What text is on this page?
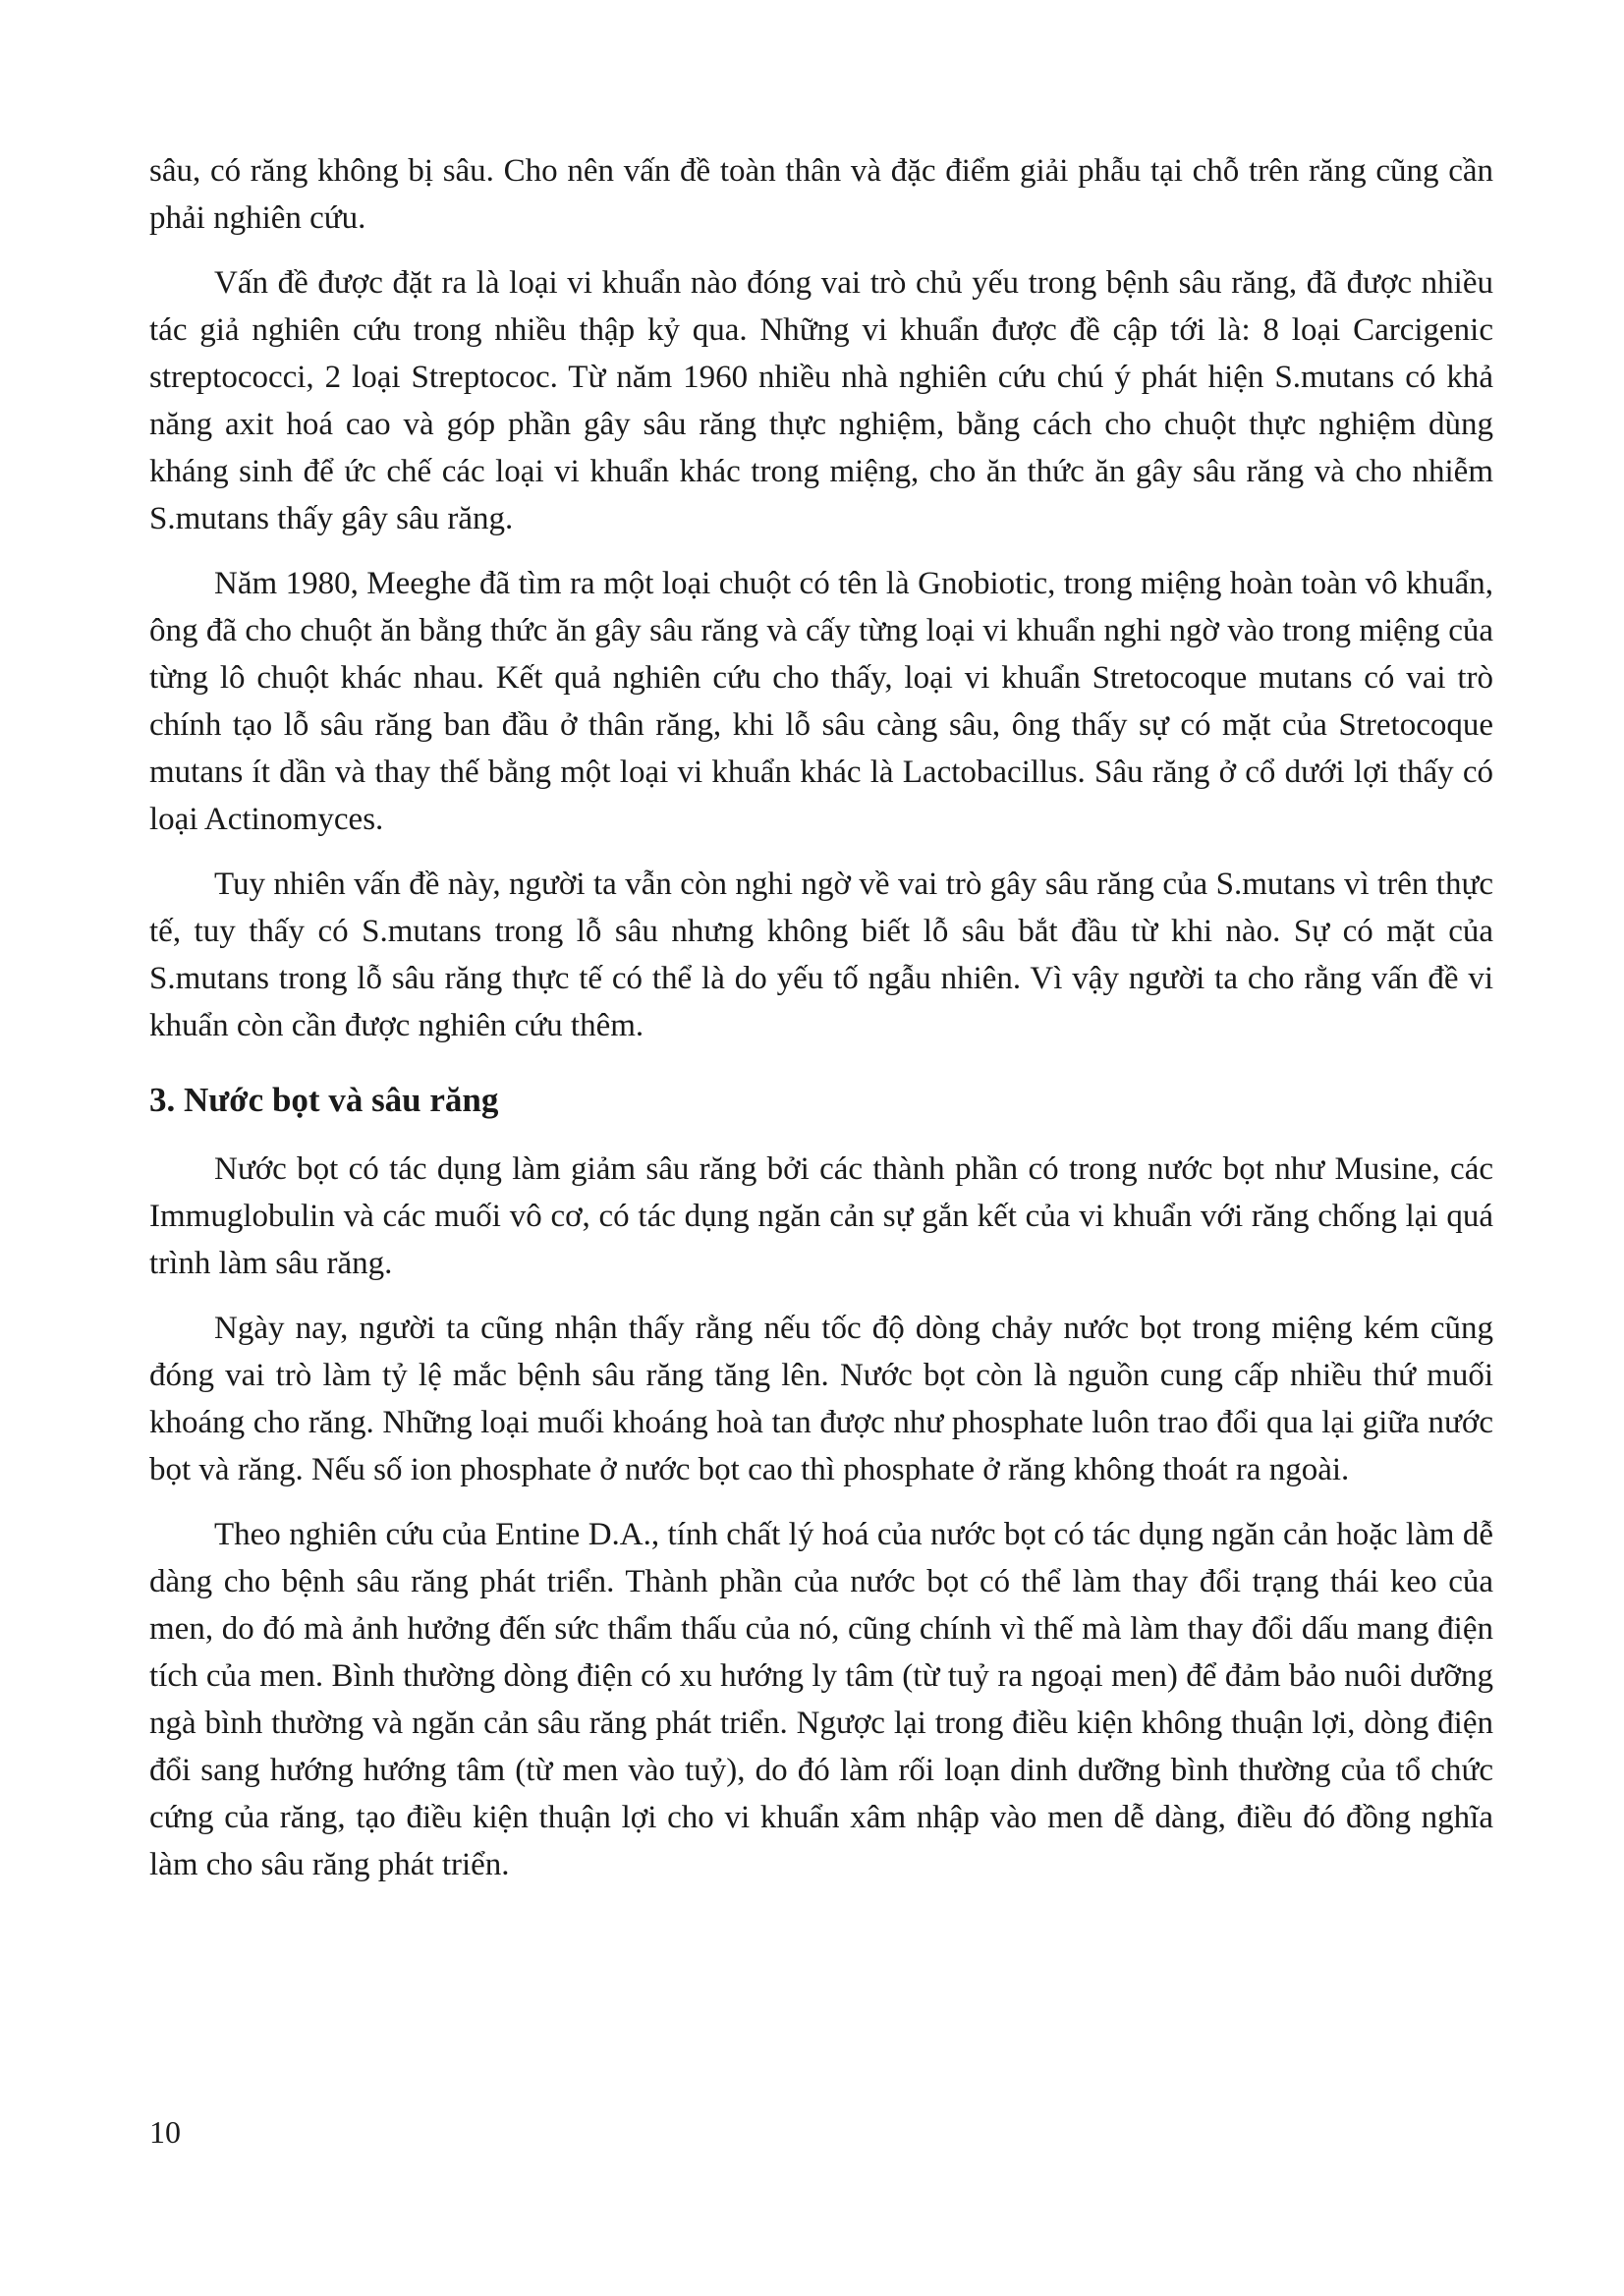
sâu, có răng không bị sâu. Cho nên vấn đề toàn thân và đặc điểm giải phẫu tại chỗ trên răng cũng cần phải nghiên cứu.

Vấn đề được đặt ra là loại vi khuẩn nào đóng vai trò chủ yếu trong bệnh sâu răng, đã được nhiều tác giả nghiên cứu trong nhiều thập kỷ qua. Những vi khuẩn được đề cập tới là: 8 loại Carcigenic streptococci, 2 loại Streptococ. Từ năm 1960 nhiều nhà nghiên cứu chú ý phát hiện S.mutans có khả năng axit hoá cao và góp phần gây sâu răng thực nghiệm, bằng cách cho chuột thực nghiệm dùng kháng sinh để ức chế các loại vi khuẩn khác trong miệng, cho ăn thức ăn gây sâu răng và cho nhiễm S.mutans thấy gây sâu răng.

Năm 1980, Meeghe đã tìm ra một loại chuột có tên là Gnobiotic, trong miệng hoàn toàn vô khuẩn, ông đã cho chuột ăn bằng thức ăn gây sâu răng và cấy từng loại vi khuẩn nghi ngờ vào trong miệng của từng lô chuột khác nhau. Kết quả nghiên cứu cho thấy, loại vi khuẩn Stretocoque mutans có vai trò chính tạo lỗ sâu răng ban đầu ở thân răng, khi lỗ sâu càng sâu, ông thấy sự có mặt của Stretocoque mutans ít dần và thay thế bằng một loại vi khuẩn khác là Lactobacillus. Sâu răng ở cổ dưới lợi thấy có loại Actinomyces.

Tuy nhiên vấn đề này, người ta vẫn còn nghi ngờ về vai trò gây sâu răng của S.mutans vì trên thực tế, tuy thấy có S.mutans trong lỗ sâu nhưng không biết lỗ sâu bắt đầu từ khi nào. Sự có mặt của S.mutans trong lỗ sâu răng thực tế có thể là do yếu tố ngẫu nhiên. Vì vậy người ta cho rằng vấn đề vi khuẩn còn cần được nghiên cứu thêm.

3. Nước bọt và sâu răng

Nước bọt có tác dụng làm giảm sâu răng bởi các thành phần có trong nước bọt như Musine, các Immuglobulin và các muối vô cơ, có tác dụng ngăn cản sự gắn kết của vi khuẩn với răng chống lại quá trình làm sâu răng.

Ngày nay, người ta cũng nhận thấy rằng nếu tốc độ dòng chảy nước bọt trong miệng kém cũng đóng vai trò làm tỷ lệ mắc bệnh sâu răng tăng lên. Nước bọt còn là nguồn cung cấp nhiều thứ muối khoáng cho răng. Những loại muối khoáng hoà tan được như phosphate luôn trao đổi qua lại giữa nước bọt và răng. Nếu số ion phosphate ở nước bọt cao thì phosphate ở răng không thoát ra ngoài.

Theo nghiên cứu của Entine D.A., tính chất lý hoá của nước bọt có tác dụng ngăn cản hoặc làm dễ dàng cho bệnh sâu răng phát triển. Thành phần của nước bọt có thể làm thay đổi trạng thái keo của men, do đó mà ảnh hưởng đến sức thẩm thấu của nó, cũng chính vì thế mà làm thay đổi dấu mang điện tích của men. Bình thường dòng điện có xu hướng ly tâm (từ tuỷ ra ngoại men) để đảm bảo nuôi dưỡng ngà bình thường và ngăn cản sâu răng phát triển. Ngược lại trong điều kiện không thuận lợi, dòng điện đổi sang hướng hướng tâm (từ men vào tuỷ), do đó làm rối loạn dinh dưỡng bình thường của tổ chức cứng của răng, tạo điều kiện thuận lợi cho vi khuẩn xâm nhập vào men dễ dàng, điều đó đồng nghĩa làm cho sâu răng phát triển.

10
